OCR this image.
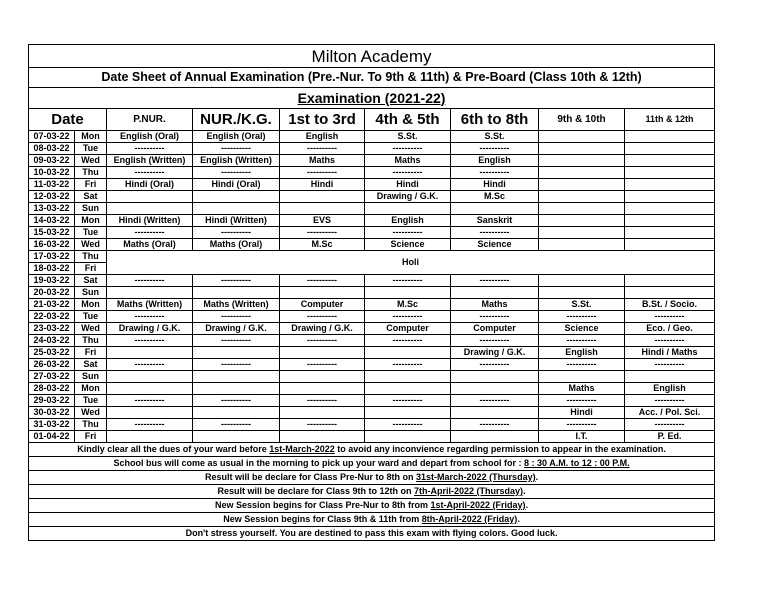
Milton Academy								
Date Sheet of Annual Examination (Pre.-Nur. To 9th & 11th) & Pre-Board (Class 10th & 12th)								
Examination (2021-22)								
Date		P.NUR.	NUR./K.G.	1st to 3rd	4th & 5th	6th to 8th	9th & 10th	11th & 12th
07-03-22	Mon	English (Oral)	English (Oral)	English	S.St.	S.St.		
08-03-22	Tue	----------	----------	----------	----------	----------		
09-03-22	Wed	English (Written)	English (Written)	Maths	Maths	English		
10-03-22	Thu	----------	----------	----------	----------	----------		
11-03-22	Fri	Hindi (Oral)	Hindi (Oral)	Hindi	Hindi	Hindi		
12-03-22	Sat				Drawing / G.K.	M.Sc		
13-03-22	Sun							
14-03-22	Mon	Hindi (Written)	Hindi (Written)	EVS	English	Sanskrit		
15-03-22	Tue	----------	----------	----------	----------	----------		
16-03-22	Wed	Maths (Oral)	Maths (Oral)	M.Sc	Science	Science		
17-03-22	Thu	Holi						
18-03-22	Fri							
19-03-22	Sat	----------	----------	----------	----------	----------		
20-03-22	Sun							
21-03-22	Mon	Maths (Written)	Maths (Written)	Computer	M.Sc	Maths	S.St.	B.St. / Socio.
22-03-22	Tue	----------	----------	----------	----------	----------	----------	----------
23-03-22	Wed	Drawing / G.K.	Drawing / G.K.	Drawing / G.K.	Computer	Computer	Science	Eco. / Geo.
24-03-22	Thu	----------	----------	----------	----------	----------	----------	----------
25-03-22	Fri					Drawing / G.K.	English	Hindi / Maths
26-03-22	Sat	----------	----------	----------	----------	----------	----------	----------
27-03-22	Sun							
28-03-22	Mon						Maths	English
29-03-22	Tue	----------	----------	----------	----------	----------	----------	----------
30-03-22	Wed						Hindi	Acc. / Pol. Sci.
31-03-22	Thu	----------	----------	----------	----------	----------	----------	----------
01-04-22	Fri						I.T.	P. Ed.
Kindly clear all the dues of your ward before 1st-March-2022 to avoid any inconvience regarding permission to appear in the examination.								
School bus will come as usual in the morning to pick up your ward and depart from school for : 8 : 30 A.M. to 12 : 00 P.M.								
Result will be declare for Class Pre-Nur to 8th on 31st-March-2022 (Thursday).								
Result will be declare for Class 9th to 12th on 7th-April-2022 (Thursday).								
New Session begins for Class Pre-Nur to 8th from 1st-April-2022 (Friday).								
New Session begins for Class 9th & 11th from 8th-April-2022 (Friday).								
Don't stress yourself. You are destined to pass this exam with flying colors. Good luck.								
